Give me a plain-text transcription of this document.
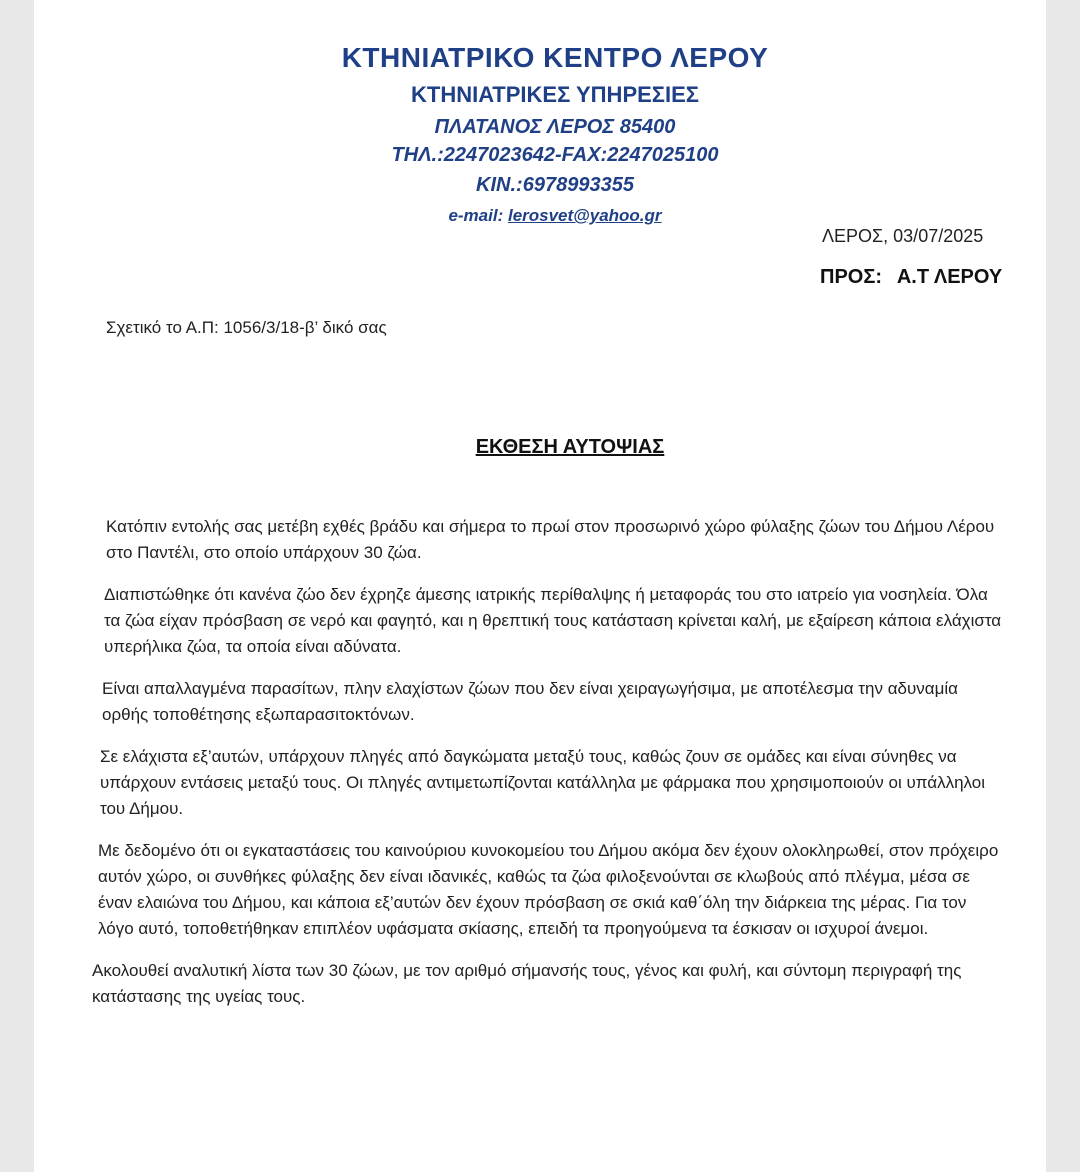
ΚΤΗΝΙΑΤΡΙΚΟ ΚΕΝΤΡΟ ΛΕΡΟΥ
ΚΤΗΝΙΑΤΡΙΚΕΣ ΥΠΗΡΕΣΙΕΣ
ΠΛΑΤΑΝΟΣ ΛΕΡΟΣ 85400
ΤΗΛ.:2247023642-FAX:2247025100
ΚΙΝ.:6978993355
e-mail: lerosvet@yahoo.gr
ΛΕΡΟΣ, 03/07/2025
ΠΡΟΣ: Α.Τ ΛΕΡΟΥ
Σχετικό το Α.Π: 1056/3/18-β’ δικό σας
ΕΚΘΕΣΗ ΑΥΤΟΨΙΑΣ

Κατόπιν εντολής σας μετέβη εχθές βράδυ και σήμερα το πρωί στον προσωρινό χώρο φύλαξης ζώων του Δήμου Λέρου στο Παντέλι, στο οποίο υπάρχουν 30 ζώα.

Διαπιστώθηκε ότι κανένα ζώο δεν έχρηζε άμεσης ιατρικής περίθαλψης ή μεταφοράς του στο ιατρείο για νοσηλεία. Όλα τα ζώα είχαν πρόσβαση σε νερό και φαγητό, και η θρεπτική τους κατάσταση κρίνεται καλή, με εξαίρεση κάποια ελάχιστα υπερήλικα ζώα, τα οποία είναι αδύνατα.

Είναι απαλλαγμένα παρασίτων, πλην ελαχίστων ζώων που δεν είναι χειραγωγήσιμα, με αποτέλεσμα την αδυναμία ορθής τοποθέτησης εξωπαρασιτοκτόνων.

Σε ελάχιστα εξ’αυτών, υπάρχουν πληγές από δαγκώματα μεταξύ τους, καθώς ζουν σε ομάδες και είναι σύνηθες να υπάρχουν εντάσεις μεταξύ τους. Οι πληγές αντιμετωπίζονται κατάλληλα με φάρμακα που χρησιμοποιούν οι υπάλληλοι του Δήμου.

Με δεδομένο ότι οι εγκαταστάσεις του καινούριου κυνοκομείου του Δήμου ακόμα δεν έχουν ολοκληρωθεί, στον πρόχειρο αυτόν χώρο, οι συνθήκες φύλαξης δεν είναι ιδανικές, καθώς τα ζώα φιλοξενούνται σε κλωβούς από πλέγμα, μέσα σε έναν ελαιώνα του Δήμου, και κάποια εξ’αυτών δεν έχουν πρόσβαση σε σκιά καθ΄όλη την διάρκεια της μέρας. Για τον λόγο αυτό, τοποθετήθηκαν επιπλέον υφάσματα σκίασης, επειδή τα προηγούμενα τα έσκισαν οι ισχυροί άνεμοι.

Ακολουθεί αναλυτική λίστα των 30 ζώων, με τον αριθμό σήμανσής τους, γένος και φυλή, και σύντομη περιγραφή της κατάστασης της υγείας τους.
